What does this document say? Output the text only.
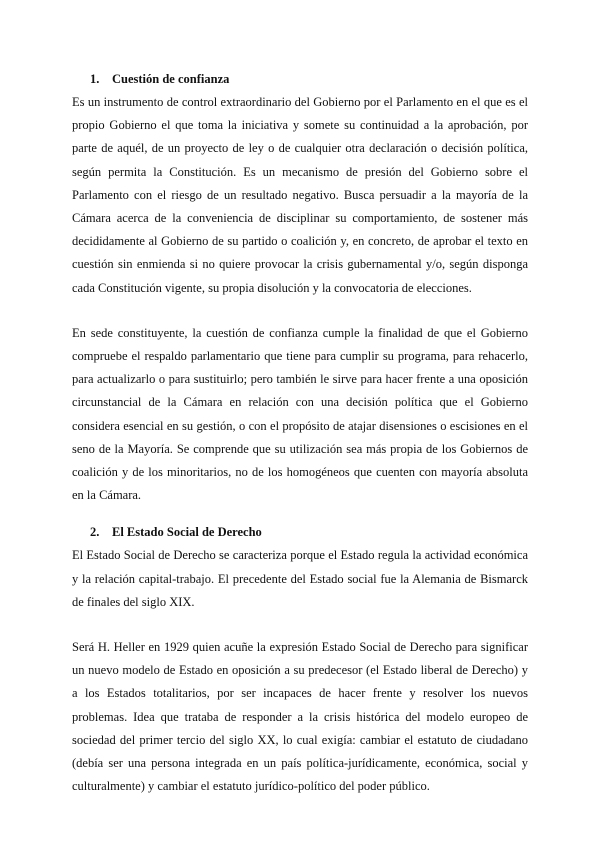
1. Cuestión de confianza

Es un instrumento de control extraordinario del Gobierno por el Parlamento en el que es el propio Gobierno el que toma la iniciativa y somete su continuidad a la aprobación, por parte de aquél, de un proyecto de ley o de cualquier otra declaración o decisión política, según permita la Constitución. Es un mecanismo de presión del Gobierno sobre el Parlamento con el riesgo de un resultado negativo. Busca persuadir a la mayoría de la Cámara acerca de la conveniencia de disciplinar su comportamiento, de sostener más decididamente al Gobierno de su partido o coalición y, en concreto, de aprobar el texto en cuestión sin enmienda si no quiere provocar la crisis gubernamental y/o, según disponga cada Constitución vigente, su propia disolución y la convocatoria de elecciones.

En sede constituyente, la cuestión de confianza cumple la finalidad de que el Gobierno compruebe el respaldo parlamentario que tiene para cumplir su programa, para rehacerlo, para actualizarlo o para sustituirlo; pero también le sirve para hacer frente a una oposición circunstancial de la Cámara en relación con una decisión política que el Gobierno considera esencial en su gestión, o con el propósito de atajar disensiones o escisiones en el seno de la Mayoría. Se comprende que su utilización sea más propia de los Gobiernos de coalición y de los minoritarios, no de los homogéneos que cuenten con mayoría absoluta en la Cámara.

2. El Estado Social de Derecho

El Estado Social de Derecho se caracteriza porque el Estado regula la actividad económica y la relación capital-trabajo. El precedente del Estado social fue la Alemania de Bismarck de finales del siglo XIX.

Será H. Heller en 1929 quien acuñe la expresión Estado Social de Derecho para significar un nuevo modelo de Estado en oposición a su predecesor (el Estado liberal de Derecho) y a los Estados totalitarios, por ser incapaces de hacer frente y resolver los nuevos problemas. Idea que trataba de responder a la crisis histórica del modelo europeo de sociedad del primer tercio del siglo XX, lo cual exigía: cambiar el estatuto de ciudadano (debía ser una persona integrada en un país política-jurídicamente, económica, social y culturalmente) y cambiar el estatuto jurídico-político del poder público.
